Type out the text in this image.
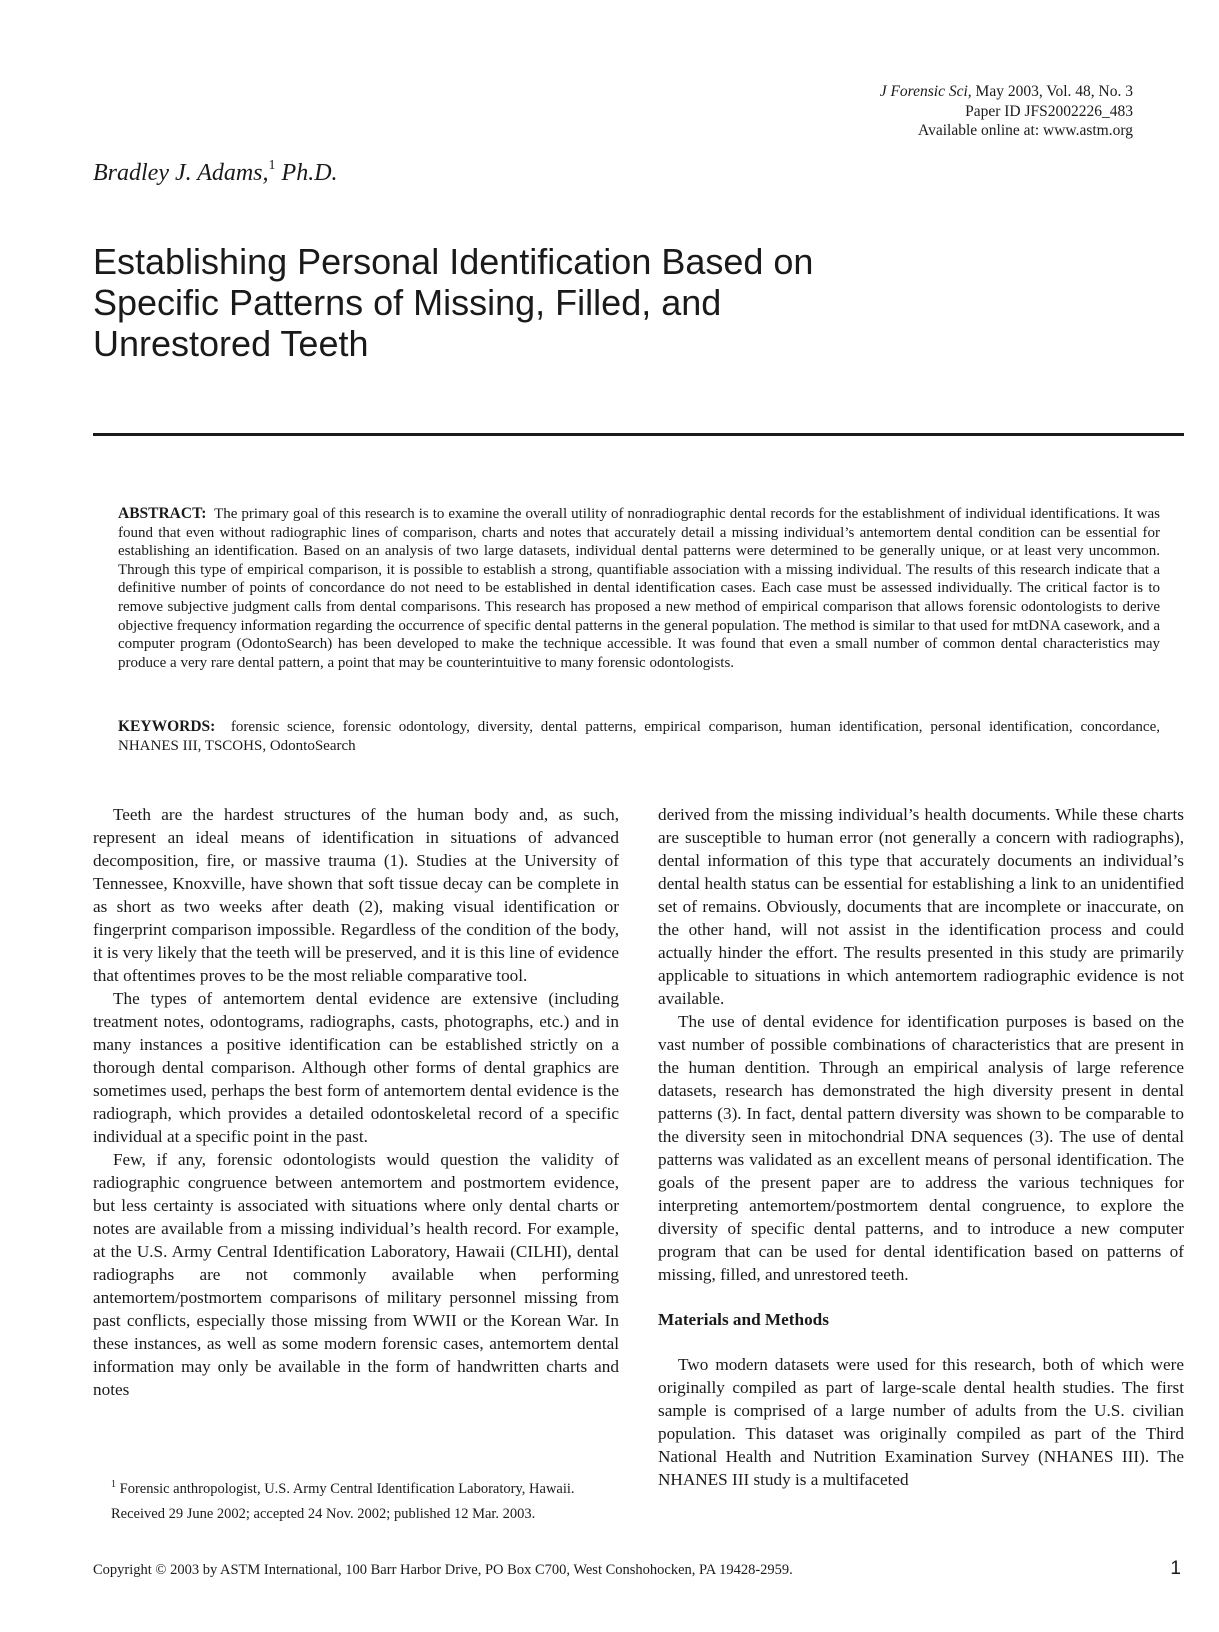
J Forensic Sci, May 2003, Vol. 48, No. 3
Paper ID JFS2002226_483
Available online at: www.astm.org
Bradley J. Adams,$^1$ Ph.D.
Establishing Personal Identification Based on Specific Patterns of Missing, Filled, and Unrestored Teeth

ABSTRACT: The primary goal of this research is to examine the overall utility of nonradiographic dental records for the establishment of individual identifications. It was found that even without radiographic lines of comparison, charts and notes that accurately detail a missing individual’s antemortem dental condition can be essential for establishing an identification. Based on an analysis of two large datasets, individual dental patterns were determined to be generally unique, or at least very uncommon. Through this type of empirical comparison, it is possible to establish a strong, quantifiable association with a missing individual. The results of this research indicate that a definitive number of points of concordance do not need to be established in dental identification cases. Each case must be assessed individually. The critical factor is to remove subjective judgment calls from dental comparisons. This research has proposed a new method of empirical comparison that allows forensic odontologists to derive objective frequency information regarding the occurrence of specific dental patterns in the general population. The method is similar to that used for mtDNA casework, and a computer program (OdontoSearch) has been developed to make the technique accessible. It was found that even a small number of common dental characteristics may produce a very rare dental pattern, a point that may be counterintuitive to many forensic odontologists.

KEYWORDS: forensic science, forensic odontology, diversity, dental patterns, empirical comparison, human identification, personal identification, concordance, NHANES III, TSCOHS, OdontoSearch

Teeth are the hardest structures of the human body and, as such, represent an ideal means of identification in situations of advanced decomposition, fire, or massive trauma (1). Studies at the University of Tennessee, Knoxville, have shown that soft tissue decay can be complete in as short as two weeks after death (2), making visual identification or fingerprint comparison impossible. Regardless of the condition of the body, it is very likely that the teeth will be preserved, and it is this line of evidence that oftentimes proves to be the most reliable comparative tool.

The types of antemortem dental evidence are extensive (including treatment notes, odontograms, radiographs, casts, photographs, etc.) and in many instances a positive identification can be established strictly on a thorough dental comparison. Although other forms of dental graphics are sometimes used, perhaps the best form of antemortem dental evidence is the radiograph, which provides a detailed odontoskeletal record of a specific individual at a specific point in the past.

Few, if any, forensic odontologists would question the validity of radiographic congruence between antemortem and postmortem evidence, but less certainty is associated with situations where only dental charts or notes are available from a missing individual’s health record. For example, at the U.S. Army Central Identification Laboratory, Hawaii (CILHI), dental radiographs are not commonly available when performing antemortem/postmortem comparisons of military personnel missing from past conflicts, especially those missing from WWII or the Korean War. In these instances, as well as some modern forensic cases, antemortem dental information may only be available in the form of handwritten charts and notes

derived from the missing individual’s health documents. While these charts are susceptible to human error (not generally a concern with radiographs), dental information of this type that accurately documents an individual’s dental health status can be essential for establishing a link to an unidentified set of remains. Obviously, documents that are incomplete or inaccurate, on the other hand, will not assist in the identification process and could actually hinder the effort. The results presented in this study are primarily applicable to situations in which antemortem radiographic evidence is not available.

The use of dental evidence for identification purposes is based on the vast number of possible combinations of characteristics that are present in the human dentition. Through an empirical analysis of large reference datasets, research has demonstrated the high diversity present in dental patterns (3). In fact, dental pattern diversity was shown to be comparable to the diversity seen in mitochondrial DNA sequences (3). The use of dental patterns was validated as an excellent means of personal identification. The goals of the present paper are to address the various techniques for interpreting antemortem/postmortem dental congruence, to explore the diversity of specific dental patterns, and to introduce a new computer program that can be used for dental identification based on patterns of missing, filled, and unrestored teeth.

Materials and Methods

Two modern datasets were used for this research, both of which were originally compiled as part of large-scale dental health studies. The first sample is comprised of a large number of adults from the U.S. civilian population. This dataset was originally compiled as part of the Third National Health and Nutrition Examination Survey (NHANES III). The NHANES III study is a multifaceted

$^1$ Forensic anthropologist, U.S. Army Central Identification Laboratory, Hawaii.

Received 29 June 2002; accepted 24 Nov. 2002; published 12 Mar. 2003.

Copyright © 2003 by ASTM International, 100 Barr Harbor Drive, PO Box C700, West Conshohocken, PA 19428-2959.	1
